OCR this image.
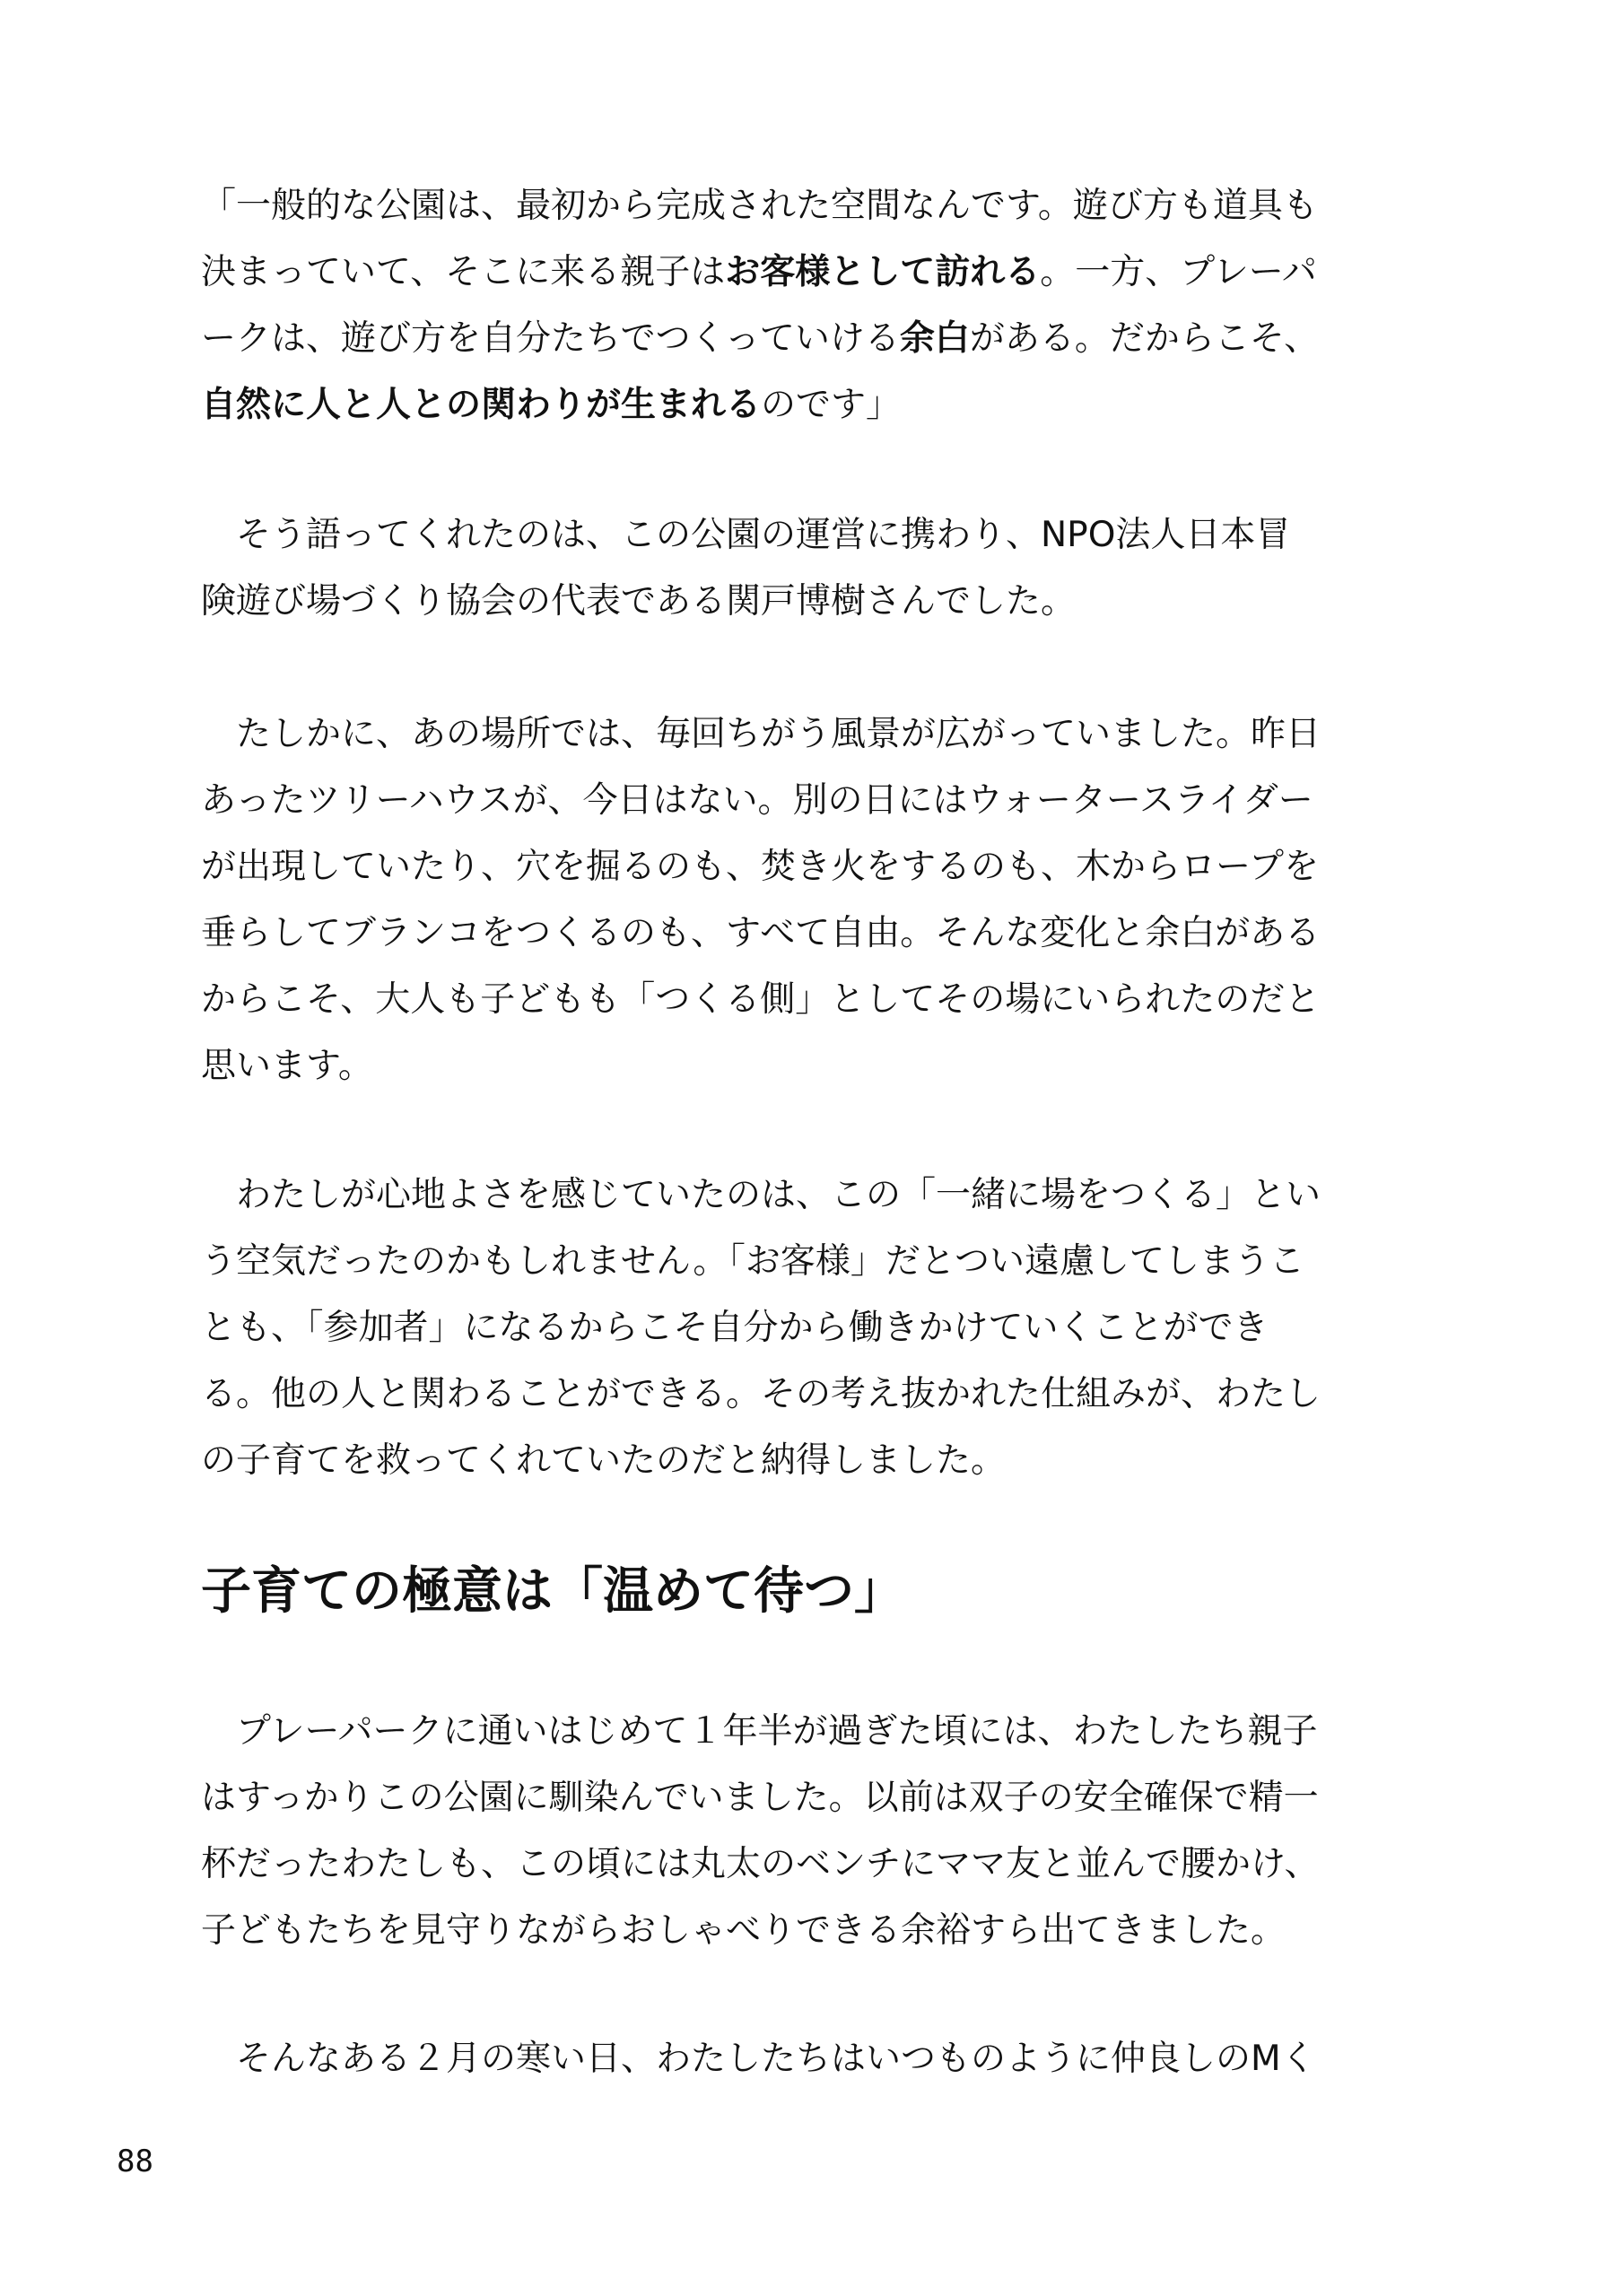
「一般的な公園は、最初から完成された空間なんです。遊び方も道具も
決まっていて、そこに来る親子はお客様として訪れる。一方、プレーパ
ークは、遊び方を自分たちでつくっていける余白がある。だからこそ、
自然に人と人との関わりが生まれるのです」
　そう語ってくれたのは、この公園の運営に携わり、NPO法人日本冒
険遊び場づくり協会の代表である関戸博樹さんでした。
　たしかに、あの場所では、毎回ちがう風景が広がっていました。昨日
あったツリーハウスが、今日はない。別の日にはウォータースライダー
が出現していたり、穴を掘るのも、焚き火をするのも、木からロープを
垂らしてブランコをつくるのも、すべて自由。そんな変化と余白がある
からこそ、大人も子どもも「つくる側」としてその場にいられたのだと
思います。
　わたしが心地よさを感じていたのは、この「一緒に場をつくる」とい
う空気だったのかもしれません。「お客様」だとつい遠慮してしまうこ
とも、「参加者」になるからこそ自分から働きかけていくことができ
る。他の人と関わることができる。その考え抜かれた仕組みが、わたし
の子育てを救ってくれていたのだと納得しました。
子育ての極意は「温めて待つ」
　プレーパークに通いはじめて１年半が過ぎた頃には、わたしたち親子
はすっかりこの公園に馴染んでいました。以前は双子の安全確保で精一
杯だったわたしも、この頃には丸太のベンチにママ友と並んで腰かけ、
子どもたちを見守りながらおしゃべりできる余裕すら出てきました。
　そんなある２月の寒い日、わたしたちはいつものように仲良しのMく
88
